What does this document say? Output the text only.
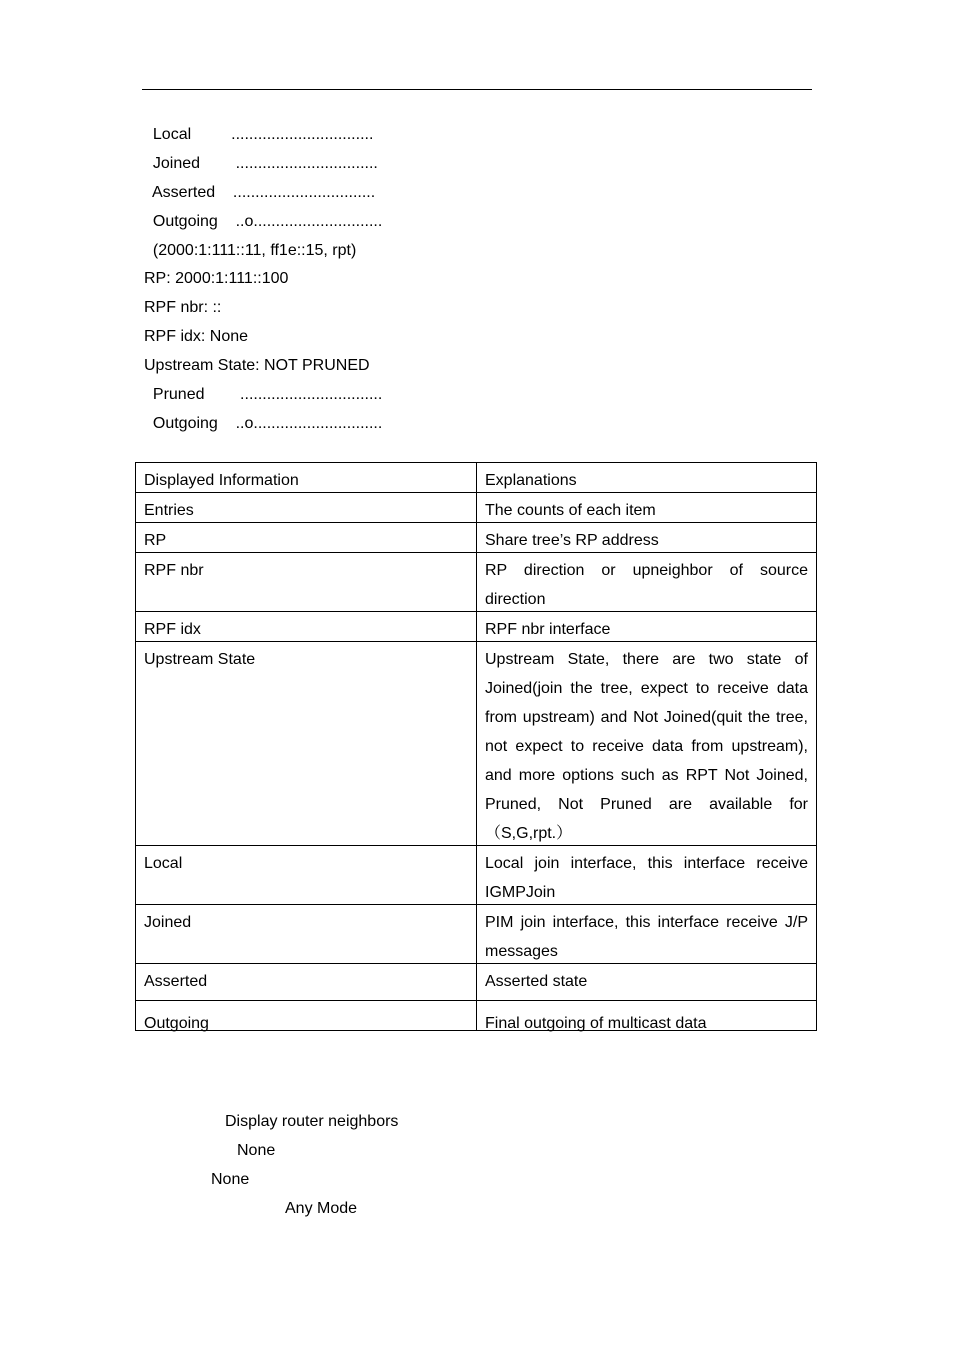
Local         ................................
Joined        ................................
Asserted    ................................
Outgoing    ..o.............................
(2000:1:111::11, ff1e::15, rpt)
RP: 2000:1:111::100
RPF nbr: ::
RPF idx: None
Upstream State: NOT PRUNED
Pruned        ................................
Outgoing    ..o.............................
Displayed Information	Explanations

Entries	The counts of each item

RP	Share tree’s RP address

RPF nbr	RP direction or upneighbor of source direction

RPF idx	RPF nbr interface

Upstream State	Upstream State, there are two state of Joined(join the tree, expect to receive data from upstream) and Not Joined(quit the tree, not expect to receive data from upstream), and more options such as RPT Not Joined, Pruned, Not Pruned are available for（S,G,rpt.）

Local	Local join interface, this interface receive IGMPJoin

Joined	PIM join interface, this interface receive J/P messages

Asserted	Asserted state

Outgoing	Final outgoing of multicast data
Display router neighbors
None
None
Any Mode
